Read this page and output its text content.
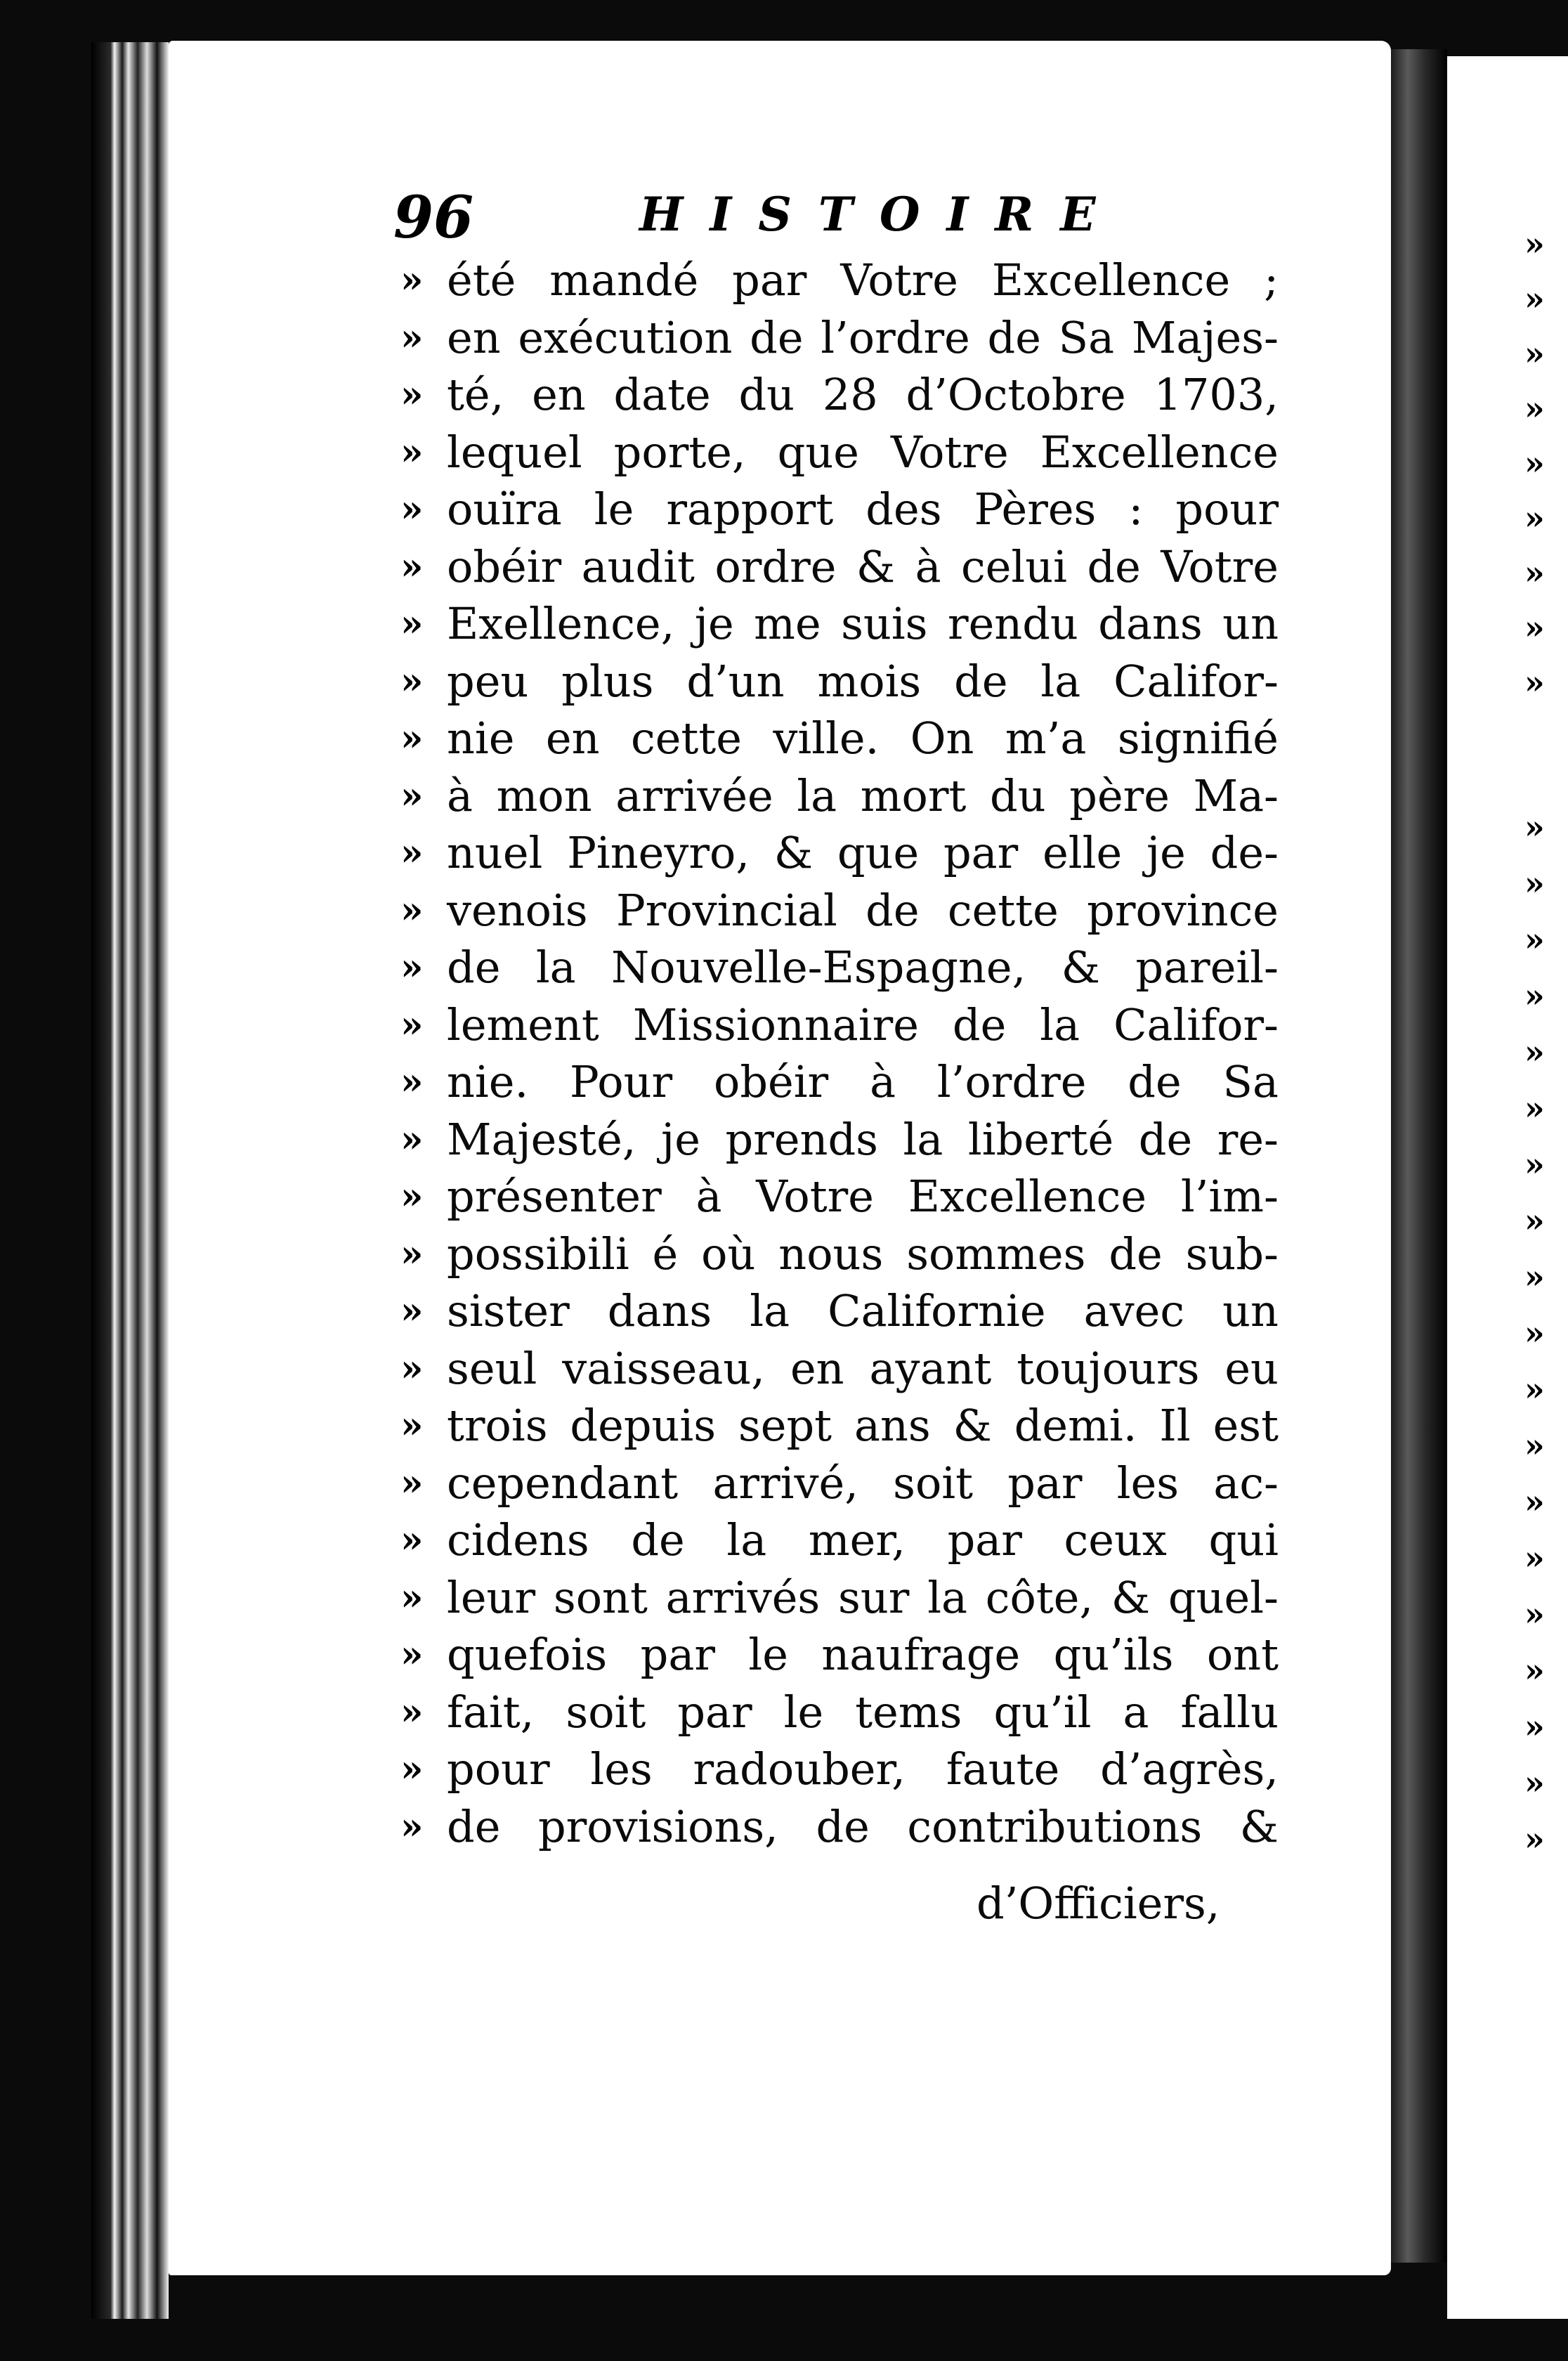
96	HISTOIRE
» été mandé par Votre Excellence ;
» en exécution de l’ordre de Sa Majes-
» té, en date du 28 d’Octobre 1703,
» lequel porte, que Votre Excellence
» ouïra le rapport des Pères : pour
» obéir audit ordre & à celui de Votre
» Exellence, je me suis rendu dans un
» peu plus d’un mois de la Califor-
» nie en cette ville. On m’a signifié
» à mon arrivée la mort du père Ma-
» nuel Pineyro, & que par elle je de-
» venois Provincial de cette province
» de la Nouvelle-Espagne, & pareil-
» lement Missionnaire de la Califor-
» nie. Pour obéir à l’ordre de Sa
» Majesté, je prends la liberté de re-
» présenter à Votre Excellence l’im-
» possibili é où nous sommes de sub-
» sister dans la Californie avec un
» seul vaisseau, en ayant toujours eu
» trois depuis sept ans & demi. Il est
» cependant arrivé, soit par les ac-
» cidens de la mer, par ceux qui
» leur sont arrivés sur la côte, & quel-
» quefois par le naufrage qu’ils ont
» fait, soit par le tems qu’il a fallu
» pour les radouber, faute d’agrès,
» de provisions, de contributions &
d’Officiers,
»
»
»
»
»
»
»
»
»
»
»
»
»
»
»
»
»
»
»
»
»
»
»
»
»
»
»
»
